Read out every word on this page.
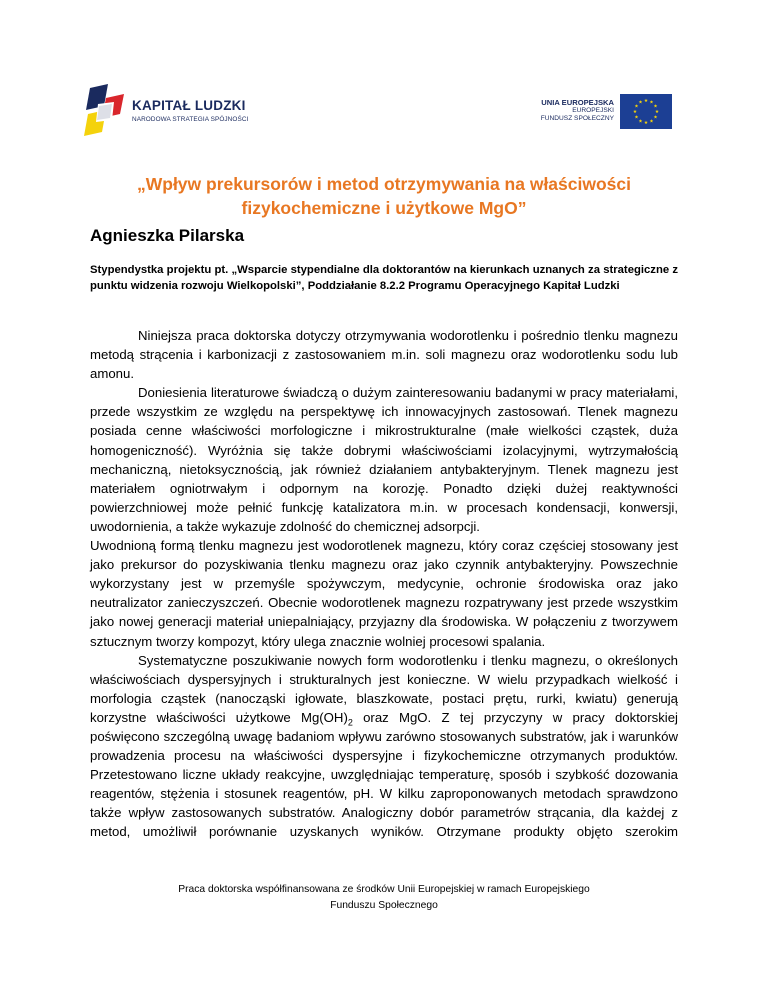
KAPITAŁ LUDZKI
NARODOWA STRATEGIA SPÓJNOŚCI
UNIA EUROPEJSKA
EUROPEJSKI
FUNDUSZ SPOŁECZNY
„Wpływ prekursorów i metod otrzymywania na właściwości
fizykochemiczne i użytkowe MgO”
Agnieszka Pilarska
Stypendystka projektu pt. „Wsparcie stypendialne dla doktorantów na kierunkach uznanych za strategiczne z punktu widzenia rozwoju Wielkopolski”, Poddziałanie 8.2.2 Programu Operacyjnego Kapitał Ludzki

Niniejsza praca doktorska dotyczy otrzymywania wodorotlenku i pośrednio tlenku magnezu metodą strącenia i karbonizacji z zastosowaniem m.in. soli magnezu oraz wodorotlenku sodu lub amonu.

Doniesienia literaturowe świadczą o dużym zainteresowaniu badanymi w pracy materiałami, przede wszystkim ze względu na perspektywę ich innowacyjnych zastosowań. Tlenek magnezu posiada cenne właściwości morfologiczne i mikrostrukturalne (małe wielkości cząstek, duża homogeniczność). Wyróżnia się także dobrymi właściwościami izolacyjnymi, wytrzymałością mechaniczną, nietoksycznością, jak również działaniem antybakteryjnym. Tlenek magnezu jest materiałem ogniotrwałym i odpornym na korozję. Ponadto dzięki dużej reaktywności powierzchniowej może pełnić funkcję katalizatora m.in. w procesach kondensacji, konwersji, uwodornienia, a także wykazuje zdolność do chemicznej adsorpcji.

Uwodnioną formą tlenku magnezu jest wodorotlenek magnezu, który coraz częściej stosowany jest jako prekursor do pozyskiwania tlenku magnezu oraz jako czynnik antybakteryjny. Powszechnie wykorzystany jest w przemyśle spożywczym, medycynie, ochronie środowiska oraz jako neutralizator zanieczyszczeń. Obecnie wodorotlenek magnezu rozpatrywany jest przede wszystkim jako nowej generacji materiał uniepalniający, przyjazny dla środowiska. W połączeniu z tworzywem sztucznym tworzy kompozyt, który ulega znacznie wolniej procesowi spalania.

Systematyczne poszukiwanie nowych form wodorotlenku i tlenku magnezu, o określonych właściwościach dyspersyjnych i strukturalnych jest konieczne. W wielu przypadkach wielkość i morfologia cząstek (nanocząski igłowate, blaszkowate, postaci prętu, rurki, kwiatu) generują korzystne właściwości użytkowe $Mg(OH)_2$ oraz MgO. Z tej przyczyny w pracy doktorskiej poświęcono szczególną uwagę badaniom wpływu zarówno stosowanych substratów, jak i warunków prowadzenia procesu na właściwości dyspersyjne i fizykochemiczne otrzymanych produktów. Przetestowano liczne układy reakcyjne, uwzględniając temperaturę, sposób i szybkość dozowania reagentów, stężenia i stosunek reagentów, pH. W kilku zaproponowanych metodach sprawdzono także wpływ zastosowanych substratów. Analogiczny dobór parametrów strącania, dla każdej z metod, umożliwił porównanie uzyskanych wyników. Otrzymane produkty objęto szerokim

Praca doktorska współfinansowana ze środków Unii Europejskiej w ramach Europejskiego
Funduszu Społecznego
